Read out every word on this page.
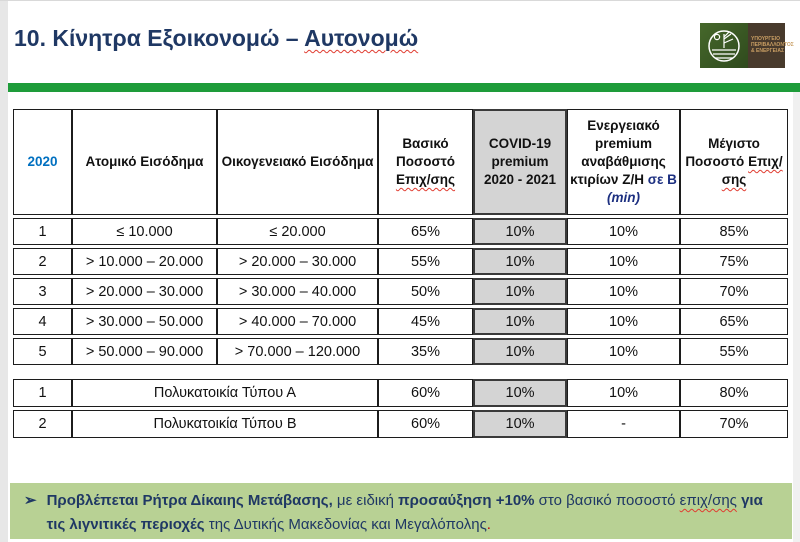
10. Κίνητρα Εξοικονομώ – Αυτονομώ	ΥΠΟΥΡΓΕΙΟ
ΠΕΡΙΒΑΛΛΟΝΤΟΣ
& ΕΝΕΡΓΕΙΑΣ
2020	Ατομικό Εισόδημα	Οικογενειακό Εισόδημα	Βασικό Ποσοστό Επιχ/σης	COVID-19 premium 2020 - 2021	Ενεργειακό premium αναβάθμισης κτιρίων Ζ/Η σε Β (min)	Μέγιστο Ποσοστό Επιχ/σης
1	≤ 10.000	≤ 20.000	65%	10%	10%	85%
2	> 10.000 – 20.000	> 20.000 – 30.000	55%	10%	10%	75%
3	> 20.000 – 30.000	> 30.000 – 40.000	50%	10%	10%	70%
4	> 30.000 – 50.000	> 40.000 – 70.000	45%	10%	10%	65%
5	> 50.000 – 90.000	> 70.000 – 120.000	35%	10%	10%	55%
1	Πολυκατοικία Τύπου Α	60%	10%	10%	80%
2	Πολυκατοικία Τύπου Β	60%	10%	-	70%
➢ Προβλέπεται Ρήτρα Δίκαιης Μετάβασης, με ειδική προσαύξηση +10% στο βασικό ποσοστό επιχ/σης για τις λιγνιτικές περιοχές της Δυτικής Μακεδονίας και Μεγαλόπολης.
